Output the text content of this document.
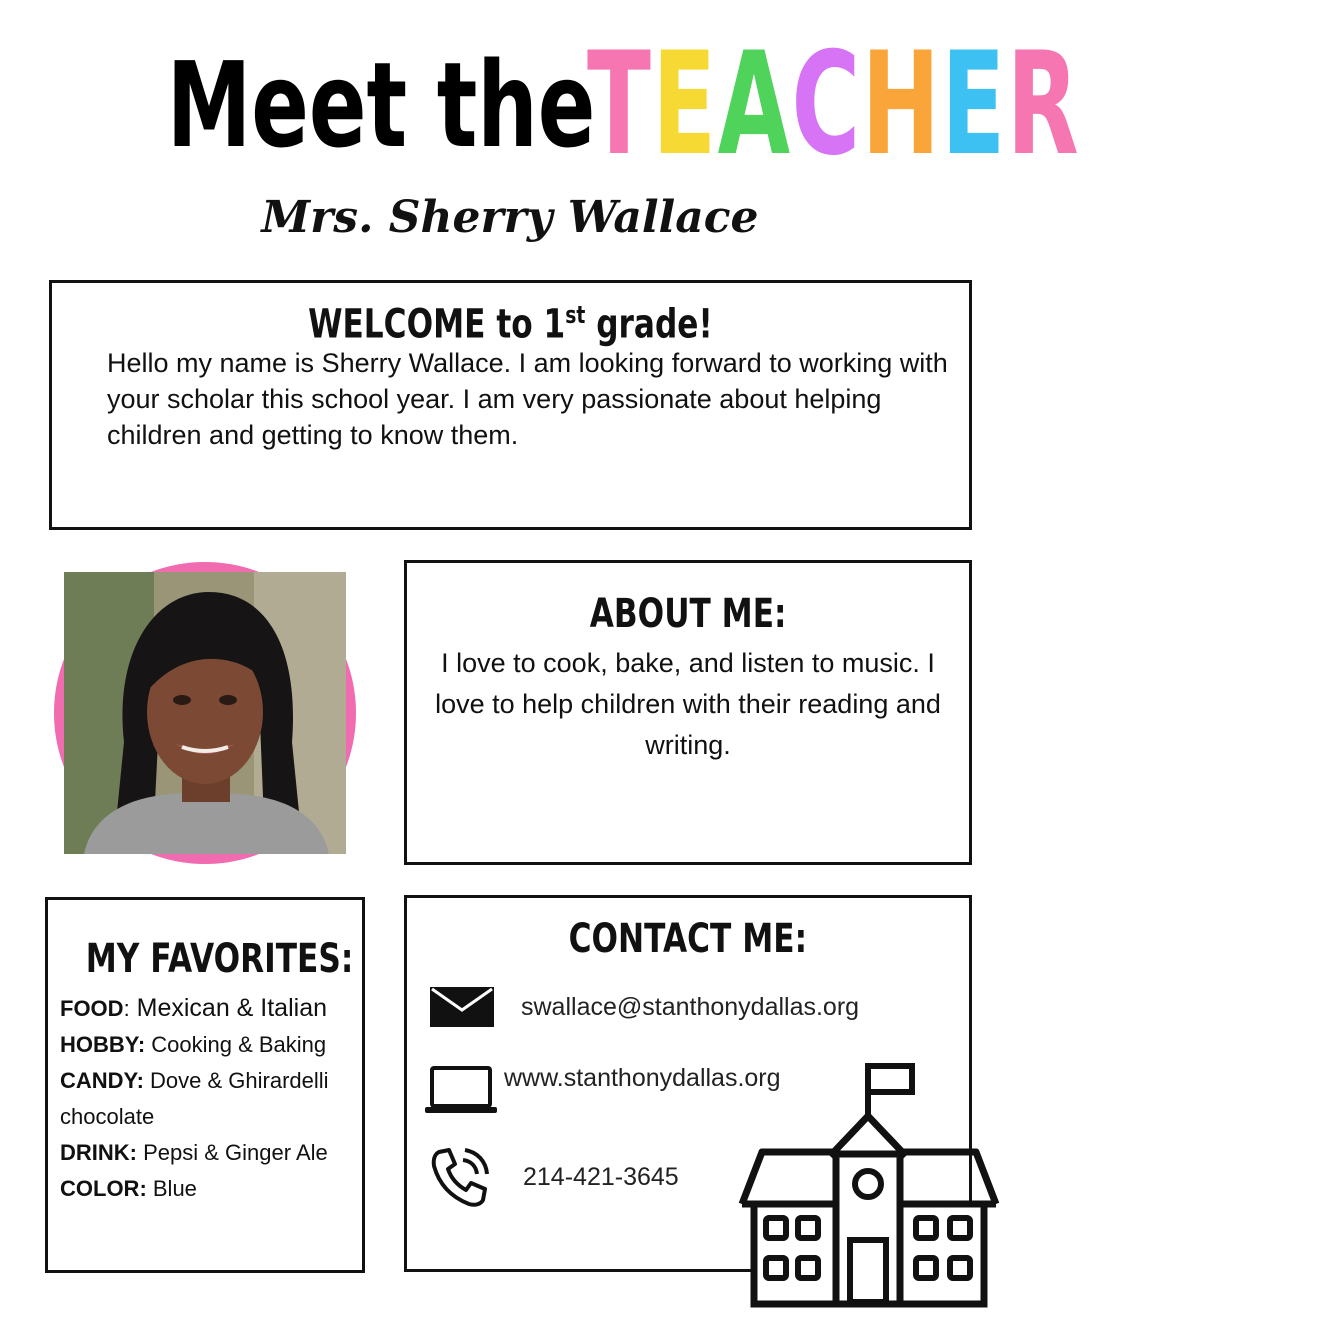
Meet theTEACHER
Mrs. Sherry Wallace
WELCOME to 1st grade!
Hello my name is Sherry Wallace. I am looking forward to working with your scholar this school year. I am very passionate about helping children and getting to know them.
ABOUT ME:
I love to cook, bake, and listen to music. I love to help children with their reading and writing.
MY FAVORITES:
FOOD: Mexican & Italian
HOBBY: Cooking & Baking
CANDY: Dove & Ghirardelli chocolate
DRINK: Pepsi & Ginger Ale
COLOR: Blue
CONTACT ME:
swallace@stanthonydallas.org
www.stanthonydallas.org
214-421-3645
